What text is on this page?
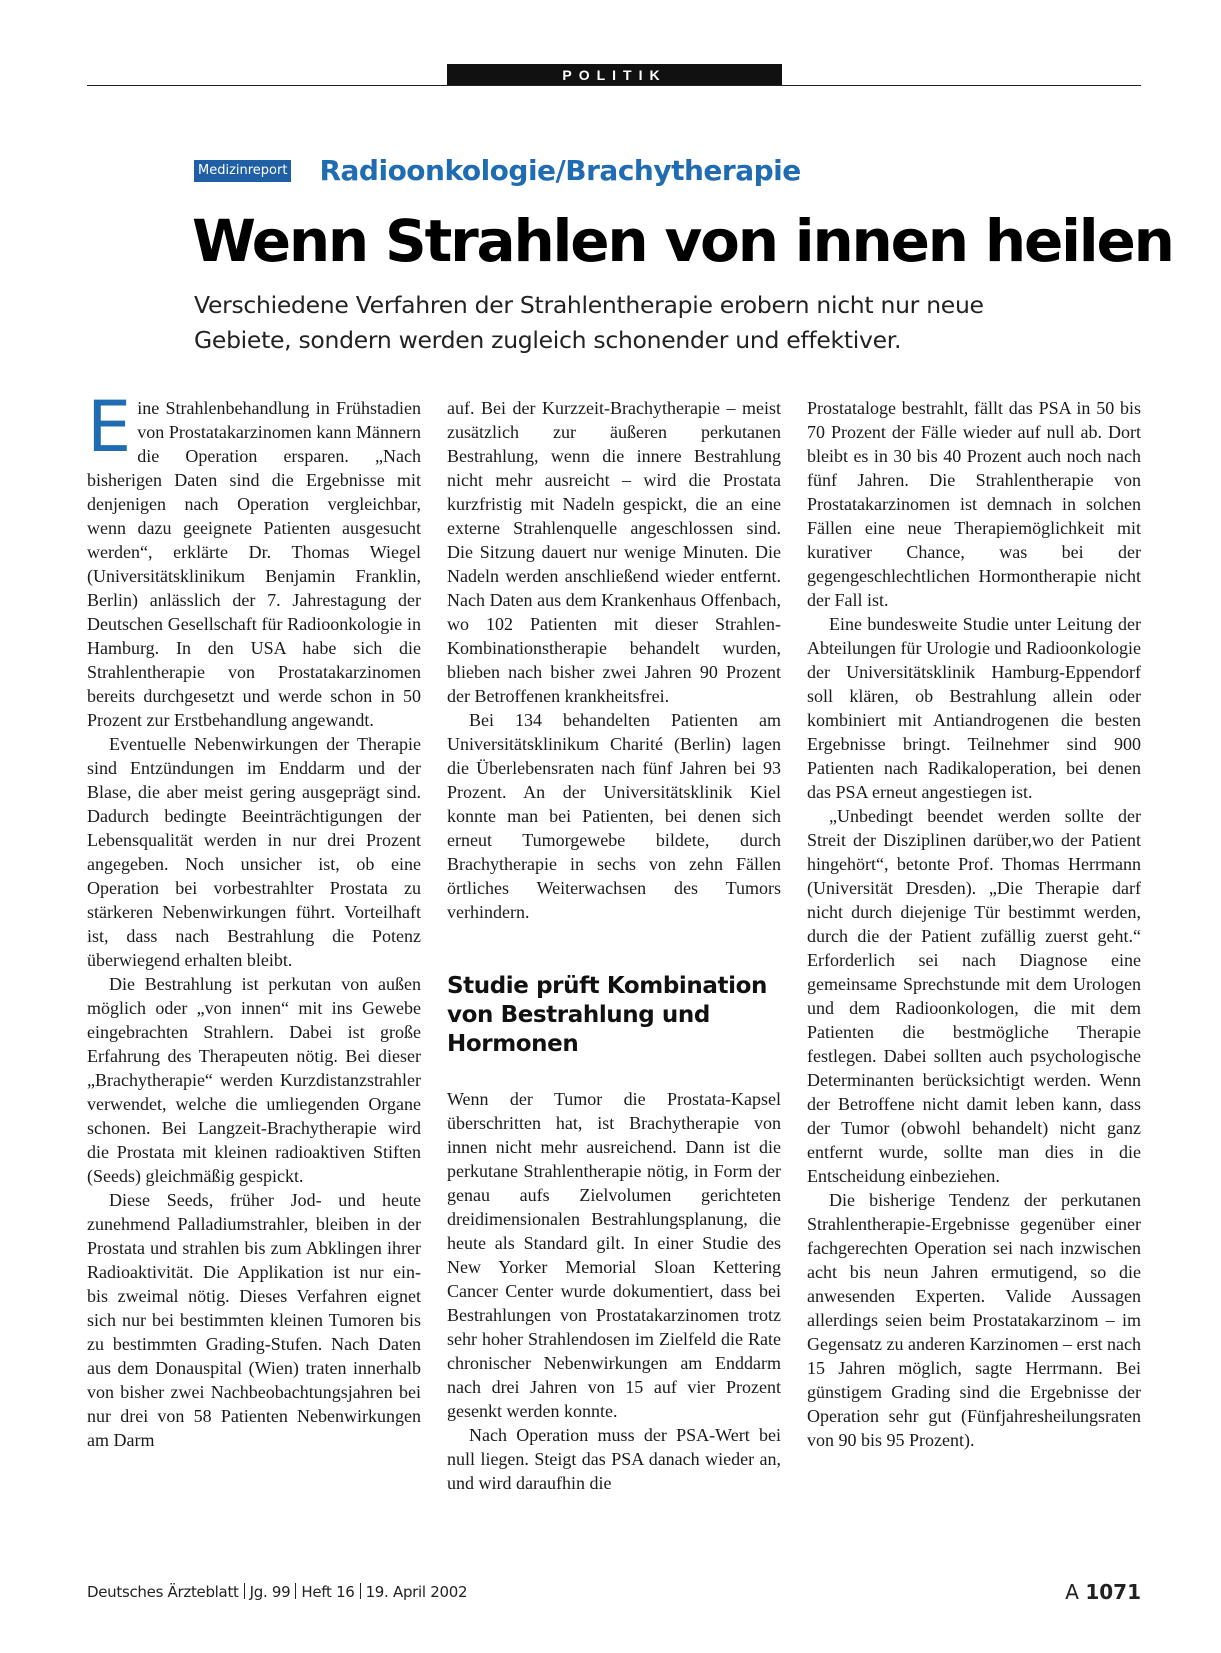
POLITIK
Medizinreport Radioonkologie/Brachytherapie
Wenn Strahlen von innen heilen

Verschiedene Verfahren der Strahlentherapie erobern nicht nur neue Gebiete, sondern werden zugleich schonender und effektiver.

Eine Strahlenbehandlung in Frühstadien von Prostatakarzinomen kann Männern die Operation ersparen. „Nach bisherigen Daten sind die Ergebnisse mit denjenigen nach Operation vergleichbar, wenn dazu geeignete Patienten ausgesucht werden“, erklärte Dr. Thomas Wiegel (Universitätsklinikum Benjamin Franklin, Berlin) anlässlich der 7. Jahrestagung der Deutschen Gesellschaft für Radioonkologie in Hamburg. In den USA habe sich die Strahlentherapie von Prostatakarzinomen bereits durchgesetzt und werde schon in 50 Prozent zur Erstbehandlung angewandt.

Eventuelle Nebenwirkungen der Therapie sind Entzündungen im Enddarm und der Blase, die aber meist gering ausgeprägt sind. Dadurch bedingte Beeinträchtigungen der Lebensqualität werden in nur drei Prozent angegeben. Noch unsicher ist, ob eine Operation bei vorbestrahlter Prostata zu stärkeren Nebenwirkungen führt. Vorteilhaft ist, dass nach Bestrahlung die Potenz überwiegend erhalten bleibt.

Die Bestrahlung ist perkutan von außen möglich oder „von innen“ mit ins Gewebe eingebrachten Strahlern. Dabei ist große Erfahrung des Therapeuten nötig. Bei dieser „Brachytherapie“ werden Kurzdistanzstrahler verwendet, welche die umliegenden Organe schonen. Bei Langzeit-Brachytherapie wird die Prostata mit kleinen radioaktiven Stiften (Seeds) gleichmäßig gespickt.

Diese Seeds, früher Jod- und heute zunehmend Palladiumstrahler, bleiben in der Prostata und strahlen bis zum Abklingen ihrer Radioaktivität. Die Applikation ist nur ein- bis zweimal nötig. Dieses Verfahren eignet sich nur bei bestimmten kleinen Tumoren bis zu bestimmten Grading-Stufen. Nach Daten aus dem Donauspital (Wien) traten innerhalb von bisher zwei Nachbeobachtungsjahren bei nur drei von 58 Patienten Nebenwirkungen am Darm

auf. Bei der Kurzzeit-Brachytherapie – meist zusätzlich zur äußeren perkutanen Bestrahlung, wenn die innere Bestrahlung nicht mehr ausreicht – wird die Prostata kurzfristig mit Nadeln gespickt, die an eine externe Strahlenquelle angeschlossen sind. Die Sitzung dauert nur wenige Minuten. Die Nadeln werden anschließend wieder entfernt. Nach Daten aus dem Krankenhaus Offenbach, wo 102 Patienten mit dieser Strahlen-Kombinationstherapie behandelt wurden, blieben nach bisher zwei Jahren 90 Prozent der Betroffenen krankheitsfrei.

Bei 134 behandelten Patienten am Universitätsklinikum Charité (Berlin) lagen die Überlebensraten nach fünf Jahren bei 93 Prozent. An der Universitätsklinik Kiel konnte man bei Patienten, bei denen sich erneut Tumorgewebe bildete, durch Brachytherapie in sechs von zehn Fällen örtliches Weiterwachsen des Tumors verhindern.

Studie prüft Kombination von Bestrahlung und Hormonen

Wenn der Tumor die Prostata-Kapsel überschritten hat, ist Brachytherapie von innen nicht mehr ausreichend. Dann ist die perkutane Strahlentherapie nötig, in Form der genau aufs Zielvolumen gerichteten dreidimensionalen Bestrahlungsplanung, die heute als Standard gilt. In einer Studie des New Yorker Memorial Sloan Kettering Cancer Center wurde dokumentiert, dass bei Bestrahlungen von Prostatakarzinomen trotz sehr hoher Strahlendosen im Zielfeld die Rate chronischer Nebenwirkungen am Enddarm nach drei Jahren von 15 auf vier Prozent gesenkt werden konnte.

Nach Operation muss der PSA-Wert bei null liegen. Steigt das PSA danach wieder an, und wird daraufhin die

Prostataloge bestrahlt, fällt das PSA in 50 bis 70 Prozent der Fälle wieder auf null ab. Dort bleibt es in 30 bis 40 Prozent auch noch nach fünf Jahren. Die Strahlentherapie von Prostatakarzinomen ist demnach in solchen Fällen eine neue Therapiemöglichkeit mit kurativer Chance, was bei der gegengeschlechtlichen Hormontherapie nicht der Fall ist.

Eine bundesweite Studie unter Leitung der Abteilungen für Urologie und Radioonkologie der Universitätsklinik Hamburg-Eppendorf soll klären, ob Bestrahlung allein oder kombiniert mit Antiandrogenen die besten Ergebnisse bringt. Teilnehmer sind 900 Patienten nach Radikaloperation, bei denen das PSA erneut angestiegen ist.

„Unbedingt beendet werden sollte der Streit der Disziplinen darüber,wo der Patient hingehört“, betonte Prof. Thomas Herrmann (Universität Dresden). „Die Therapie darf nicht durch diejenige Tür bestimmt werden, durch die der Patient zufällig zuerst geht.“ Erforderlich sei nach Diagnose eine gemeinsame Sprechstunde mit dem Urologen und dem Radioonkologen, die mit dem Patienten die bestmögliche Therapie festlegen. Dabei sollten auch psychologische Determinanten berücksichtigt werden. Wenn der Betroffene nicht damit leben kann, dass der Tumor (obwohl behandelt) nicht ganz entfernt wurde, sollte man dies in die Entscheidung einbeziehen.

Die bisherige Tendenz der perkutanen Strahlentherapie-Ergebnisse gegenüber einer fachgerechten Operation sei nach inzwischen acht bis neun Jahren ermutigend, so die anwesenden Experten. Valide Aussagen allerdings seien beim Prostatakarzinom – im Gegensatz zu anderen Karzinomen – erst nach 15 Jahren möglich, sagte Herrmann. Bei günstigem Grading sind die Ergebnisse der Operation sehr gut (Fünfjahresheilungsraten von 90 bis 95 Prozent).

Deutsches Ärzteblatt Jg. 99 Heft 16 19. April 2002	A 1071
